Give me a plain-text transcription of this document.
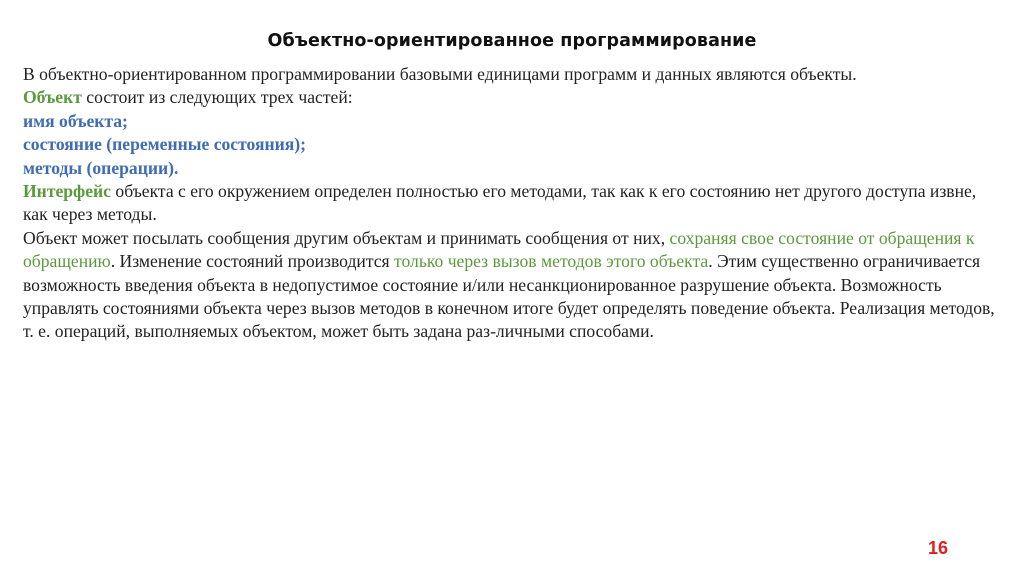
Объектно-ориентированное программирование

В объектно-ориентированном программировании базовыми единицами программ и данных являются объекты.

Объект состоит из следующих трех частей:

имя объекта;

состояние (переменные состояния);

методы (операции).

Интерфейс объекта с его окружением определен полностью его методами, так как к его состоянию нет другого доступа извне, как через методы.

Объект может посылать сообщения другим объектам и принимать сообщения от них, сохраняя свое состояние от обращения к обращению. Изменение состояний производится только через вызов методов этого объекта. Этим существенно ограничивается возможность введения объекта в недопустимое состояние и/или несанкционированное разрушение объекта. Возможность управлять состояниями объекта через вызов методов в конечном итоге будет определять поведение объекта. Реализация методов, т. е. операций, выполняемых объектом, может быть задана раз-личными способами.

16
